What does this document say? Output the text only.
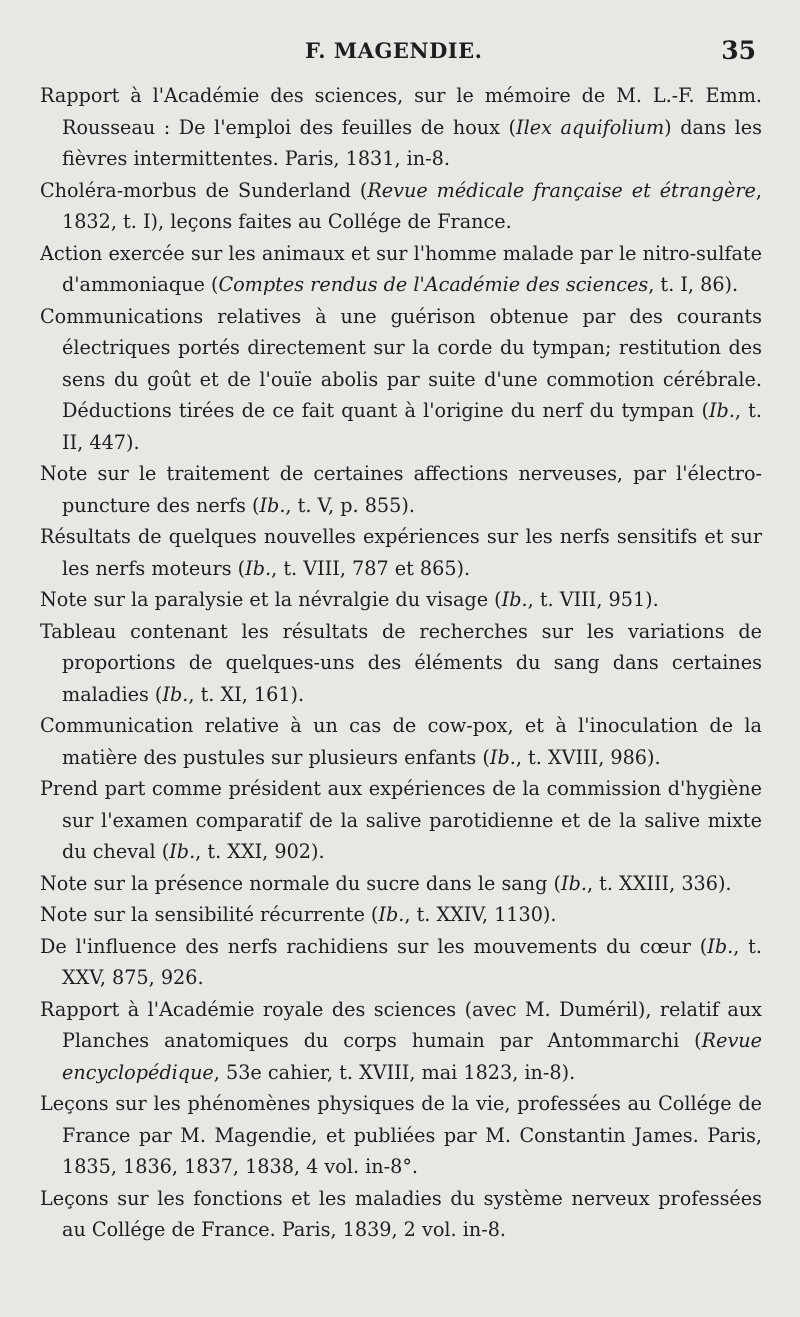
F. MAGENDIE.	35

Rapport à l'Académie des sciences, sur le mémoire de M. L.-F. Emm. Rousseau : De l'emploi des feuilles de houx (Ilex aquifolium) dans les fièvres intermittentes. Paris, 1831, in-8.

Choléra-morbus de Sunderland (Revue médicale française et étrangère, 1832, t. I), leçons faites au Collége de France.

Action exercée sur les animaux et sur l'homme malade par le nitro-sulfate d'ammoniaque (Comptes rendus de l'Académie des sciences, t. I, 86).

Communications relatives à une guérison obtenue par des courants électriques portés directement sur la corde du tympan; restitution des sens du goût et de l'ouïe abolis par suite d'une commotion cérébrale. Déductions tirées de ce fait quant à l'origine du nerf du tympan (Ib., t. II, 447).

Note sur le traitement de certaines affections nerveuses, par l'électro-puncture des nerfs (Ib., t. V, p. 855).

Résultats de quelques nouvelles expériences sur les nerfs sensitifs et sur les nerfs moteurs (Ib., t. VIII, 787 et 865).

Note sur la paralysie et la névralgie du visage (Ib., t. VIII, 951).

Tableau contenant les résultats de recherches sur les variations de proportions de quelques-uns des éléments du sang dans certaines maladies (Ib., t. XI, 161).

Communication relative à un cas de cow-pox, et à l'inoculation de la matière des pustules sur plusieurs enfants (Ib., t. XVIII, 986).

Prend part comme président aux expériences de la commission d'hygiène sur l'examen comparatif de la salive parotidienne et de la salive mixte du cheval (Ib., t. XXI, 902).

Note sur la présence normale du sucre dans le sang (Ib., t. XXIII, 336).

Note sur la sensibilité récurrente (Ib., t. XXIV, 1130).

De l'influence des nerfs rachidiens sur les mouvements du cœur (Ib., t. XXV, 875, 926.

Rapport à l'Académie royale des sciences (avec M. Duméril), relatif aux Planches anatomiques du corps humain par Antommarchi (Revue encyclopédique, 53e cahier, t. XVIII, mai 1823, in-8).

Leçons sur les phénomènes physiques de la vie, professées au Collége de France par M. Magendie, et publiées par M. Constantin James. Paris, 1835, 1836, 1837, 1838, 4 vol. in-8°.

Leçons sur les fonctions et les maladies du système nerveux professées au Collége de France. Paris, 1839, 2 vol. in-8.
